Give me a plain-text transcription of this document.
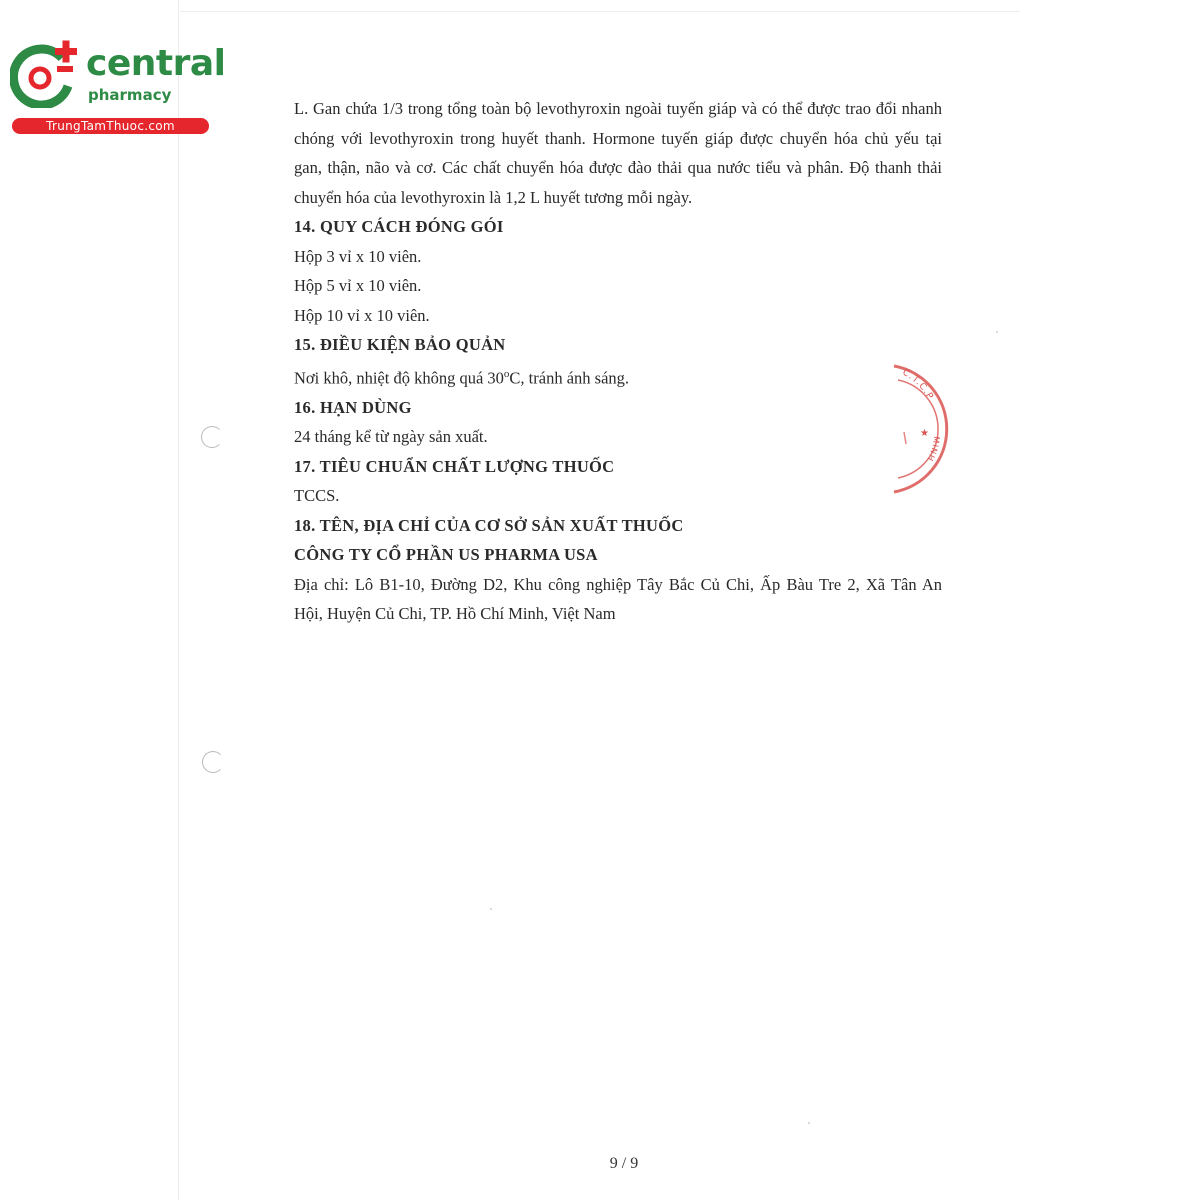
central
pharmacy
TrungTamThuoc.com

L. Gan chứa 1/3 trong tổng toàn bộ levothyroxin ngoài tuyến giáp và có thể được trao đổi nhanh

chóng với levothyroxin trong huyết thanh. Hormone tuyến giáp được chuyển hóa chủ yếu tại

gan, thận, não và cơ. Các chất chuyển hóa được đào thải qua nước tiểu và phân. Độ thanh thải

chuyển hóa của levothyroxin là 1,2 L huyết tương mỗi ngày.

14. QUY CÁCH ĐÓNG GÓI

Hộp 3 vỉ x 10 viên.

Hộp 5 vỉ x 10 viên.

Hộp 10 vỉ x 10 viên.

15. ĐIỀU KIỆN BẢO QUẢN

Nơi khô, nhiệt độ không quá 30$^o$C, tránh ánh sáng.

16. HẠN DÙNG

24 tháng kể từ ngày sản xuất.

17. TIÊU CHUẨN CHẤT LƯỢNG THUỐC

TCCS.

18. TÊN, ĐỊA CHỈ CỦA CƠ SỞ SẢN XUẤT THUỐC

CÔNG TY CỔ PHẦN US PHARMA USA

Địa chỉ: Lô B1-10, Đường D2, Khu công nghiệp Tây Bắc Củ Chi, Ấp Bàu Tre 2, Xã Tân An

Hội, Huyện Củ Chi, TP. Hồ Chí Minh, Việt Nam

C.T.C.P
MINH
★
9 / 9
